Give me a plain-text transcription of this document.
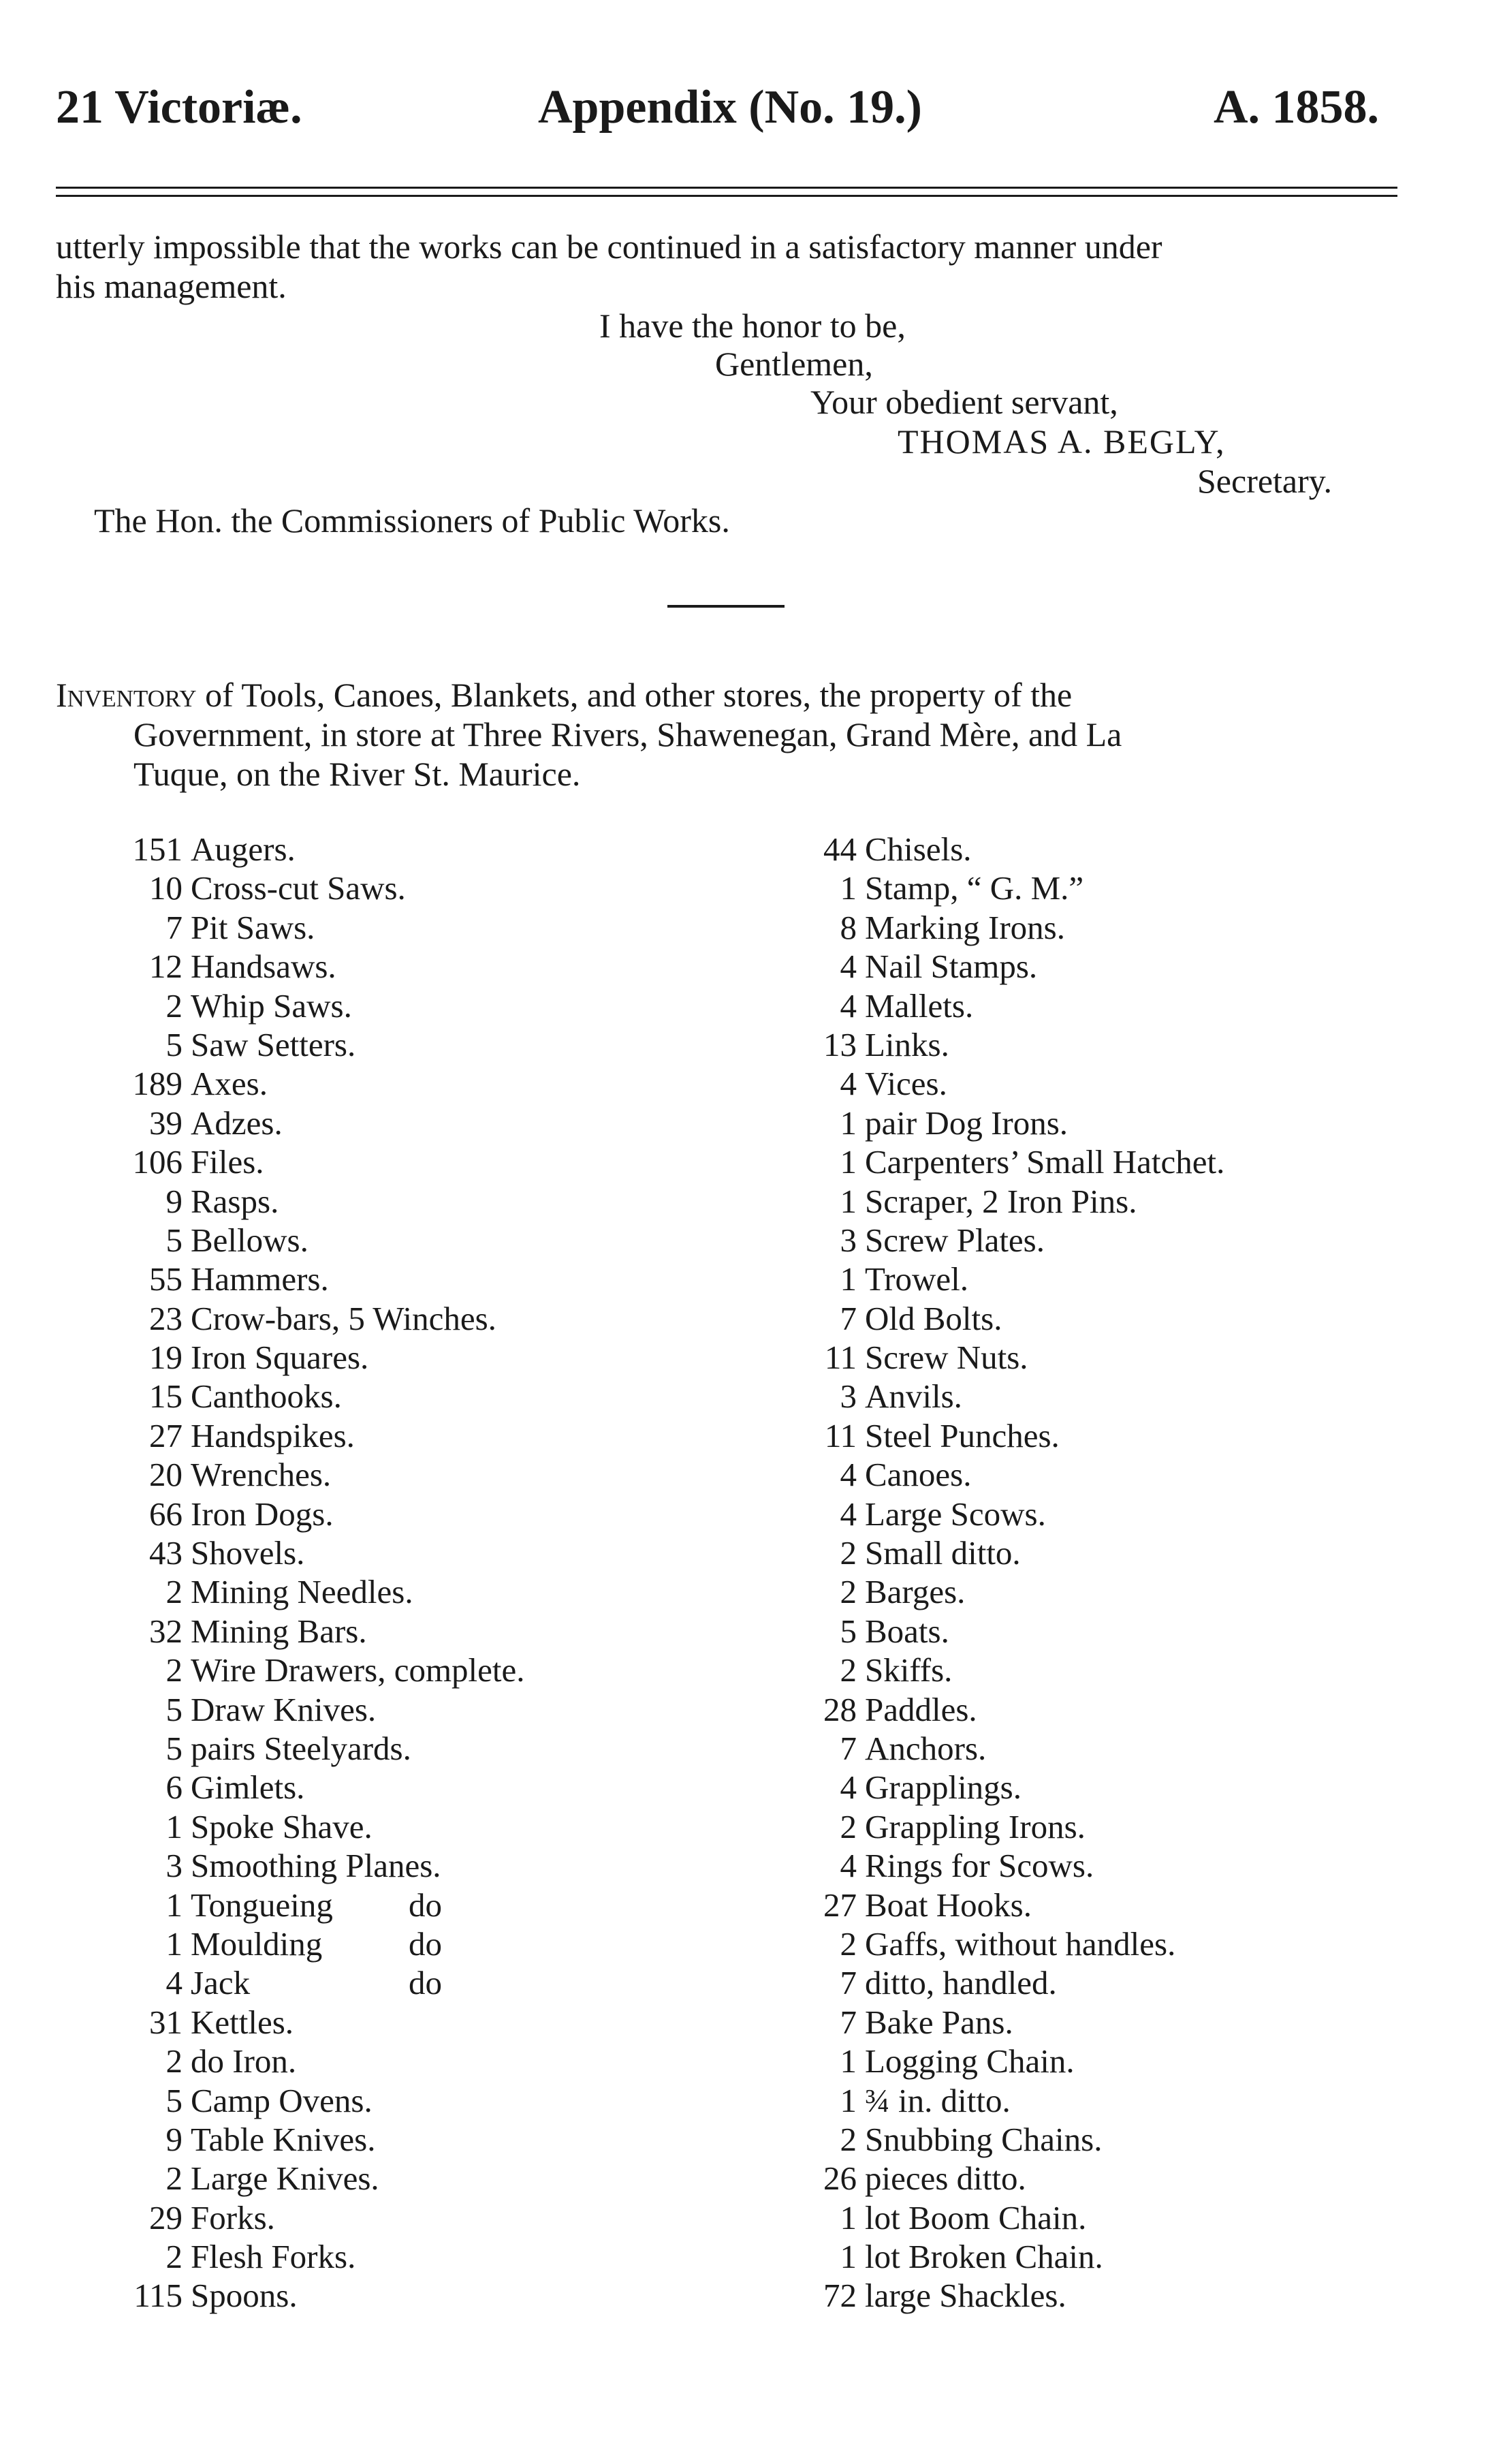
21 Victoriæ.	Appendix (No. 19.)	A. 1858.
utterly impossible that the works can be continued in a satisfactory manner under
his management.
I have the honor to be,
Gentlemen,
Your obedient servant,
THOMAS A. BEGLY,
Secretary.
The Hon. the Commissioners of Public Works.
Inventory of Tools, Canoes, Blankets, and other stores, the property of the
Government, in store at Three Rivers, Shawenegan, Grand Mère, and La
Tuque, on the River St. Maurice.
151 Augers.
10 Cross-cut Saws.
7 Pit Saws.
12 Handsaws.
2 Whip Saws.
5 Saw Setters.
189 Axes.
39 Adzes.
106 Files.
9 Rasps.
5 Bellows.
55 Hammers.
23 Crow-bars, 5 Winches.
19 Iron Squares.
15 Canthooks.
27 Handspikes.
20 Wrenches.
66 Iron Dogs.
43 Shovels.
2 Mining Needles.
32 Mining Bars.
2 Wire Drawers, complete.
5 Draw Knives.
5 pairs Steelyards.
6 Gimlets.
1 Spoke Shave.
3 Smoothing Planes.
1 Tongueing	do
1 Moulding	do
4 Jack	do
31 Kettles.
2 do Iron.
5 Camp Ovens.
9 Table Knives.
2 Large Knives.
29 Forks.
2 Flesh Forks.
115 Spoons.
44 Chisels.
1 Stamp, “ G. M.”
8 Marking Irons.
4 Nail Stamps.
4 Mallets.
13 Links.
4 Vices.
1 pair Dog Irons.
1 Carpenters’ Small Hatchet.
1 Scraper, 2 Iron Pins.
3 Screw Plates.
1 Trowel.
7 Old Bolts.
11 Screw Nuts.
3 Anvils.
11 Steel Punches.
4 Canoes.
4 Large Scows.
2 Small ditto.
2 Barges.
5 Boats.
2 Skiffs.
28 Paddles.
7 Anchors.
4 Grapplings.
2 Grappling Irons.
4 Rings for Scows.
27 Boat Hooks.
2 Gaffs, without handles.
7 ditto, handled.
7 Bake Pans.
1 Logging Chain.
1 ¾ in. ditto.
2 Snubbing Chains.
26 pieces ditto.
1 lot Boom Chain.
1 lot Broken Chain.
72 large Shackles.
